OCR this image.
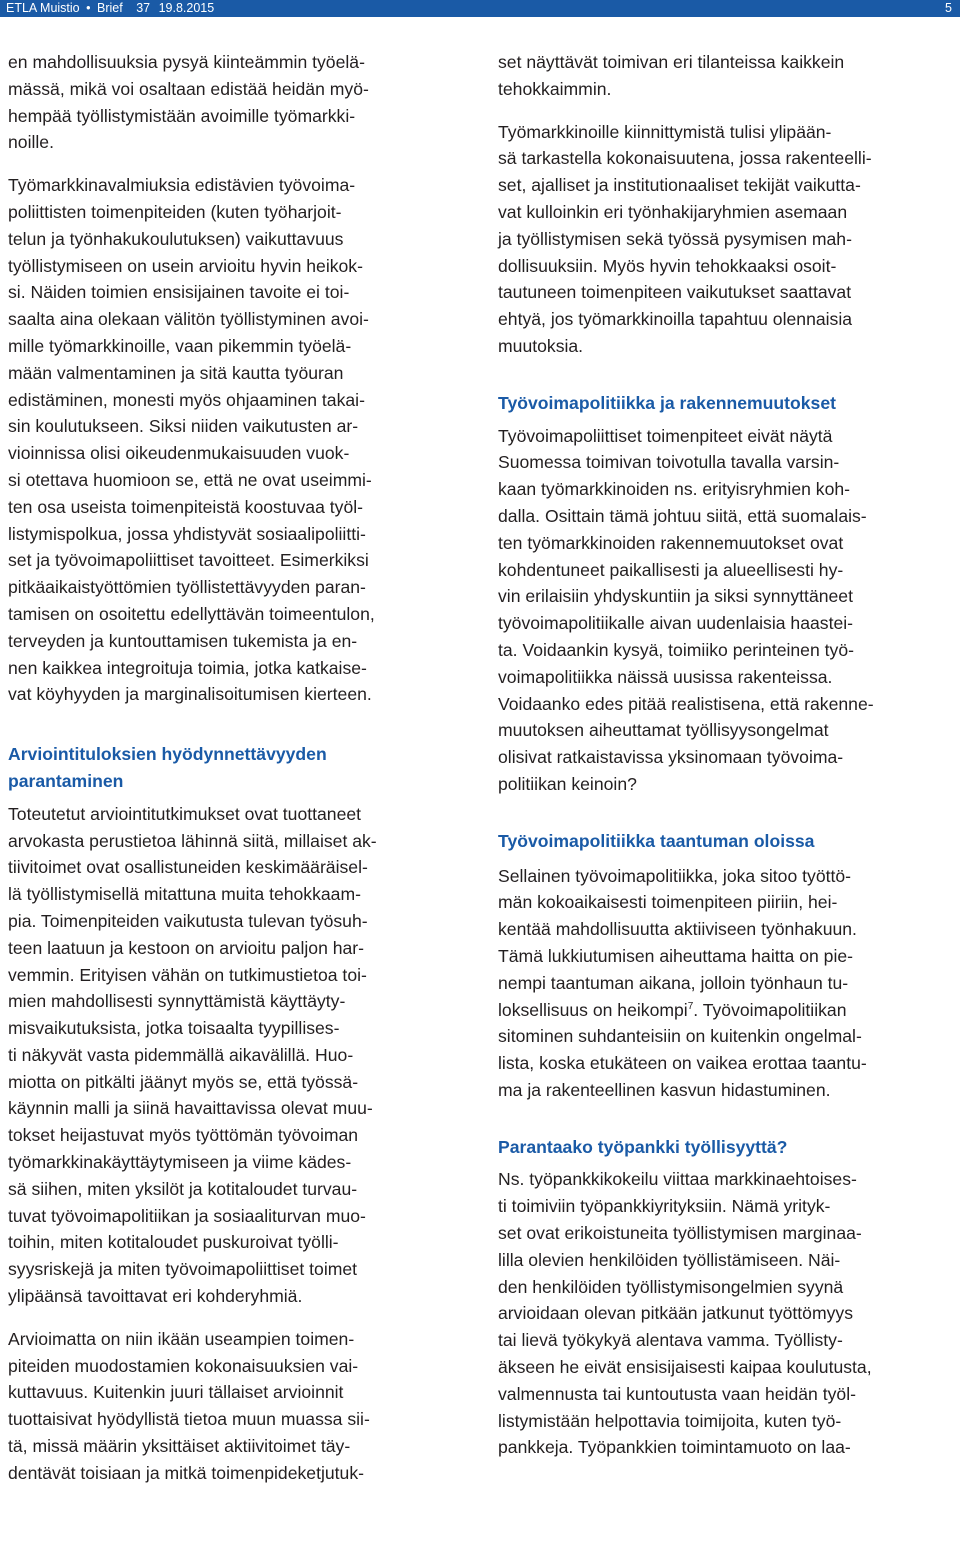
ETLA Muistio • Brief 37 19.8.2015	5
en mahdollisuuksia pysyä kiinteämmin työelä-
mässä, mikä voi osaltaan edistää heidän myö-
hempää työllistymistään avoimille työmarkki-
noille.
Työmarkkinavalmiuksia edistävien työvoima-
poliittisten toimenpiteiden (kuten työharjoit-
telun ja työnhakukoulutuksen) vaikuttavuus
työllistymiseen on usein arvioitu hyvin heikok-
si. Näiden toimien ensisijainen tavoite ei toi-
saalta aina olekaan välitön työllistyminen avoi-
mille työmarkkinoille, vaan pikemmin työelä-
mään valmentaminen ja sitä kautta työuran
edistäminen, monesti myös ohjaaminen takai-
sin koulutukseen. Siksi niiden vaikutusten ar-
vioinnissa olisi oikeudenmukaisuuden vuok-
si otettava huomioon se, että ne ovat useimmi-
ten osa useista toimenpiteistä koostuvaa työl-
listymispolkua, jossa yhdistyvät sosiaalipoliitti-
set ja työvoimapoliittiset tavoitteet. Esimerkiksi
pitkäaikaistyöttömien työllistettävyyden paran-
tamisen on osoitettu edellyttävän toimeentulon,
terveyden ja kuntouttamisen tukemista ja en-
nen kaikkea integroituja toimia, jotka katkaise-
vat köyhyyden ja marginalisoitumisen kierteen.
Arviointituloksien hyödynnettävyyden
parantaminen
Toteutetut arviointitutkimukset ovat tuottaneet
arvokasta perustietoa lähinnä siitä, millaiset ak-
tiivitoimet ovat osallistuneiden keskimääräisel-
lä työllistymisellä mitattuna muita tehokkaam-
pia. Toimenpiteiden vaikutusta tulevan työsuh-
teen laatuun ja kestoon on arvioitu paljon har-
vemmin. Erityisen vähän on tutkimustietoa toi-
mien mahdollisesti synnyttämistä käyttäyty-
misvaikutuksista, jotka toisaalta tyypillises-
ti näkyvät vasta pidemmällä aikavälillä. Huo-
miotta on pitkälti jäänyt myös se, että työssä-
käynnin malli ja siinä havaittavissa olevat muu-
tokset heijastuvat myös työttömän työvoiman
työmarkkinakäyttäytymiseen ja viime kädes-
sä siihen, miten yksilöt ja kotitaloudet turvau-
tuvat työvoimapolitiikan ja sosiaaliturvan muo-
toihin, miten kotitaloudet puskuroivat työlli-
syysriskejä ja miten työvoimapoliittiset toimet
ylipäänsä tavoittavat eri kohderyhmiä.
Arvioimatta on niin ikään useampien toimen-
piteiden muodostamien kokonaisuuksien vai-
kuttavuus. Kuitenkin juuri tällaiset arvioinnit
tuottaisivat hyödyllistä tietoa muun muassa sii-
tä, missä määrin yksittäiset aktiivitoimet täy-
dentävät toisiaan ja mitkä toimenpideketjutuk-
set näyttävät toimivan eri tilanteissa kaikkein
tehokkaimmin.
Työmarkkinoille kiinnittymistä tulisi ylipään-
sä tarkastella kokonaisuutena, jossa rakenteelli-
set, ajalliset ja institutionaaliset tekijät vaikutta-
vat kulloinkin eri työnhakijaryhmien asemaan
ja työllistymisen sekä työssä pysymisen mah-
dollisuuksiin. Myös hyvin tehokkaaksi osoit-
tautuneen toimenpiteen vaikutukset saattavat
ehtyä, jos työmarkkinoilla tapahtuu olennaisia
muutoksia.
Työvoimapolitiikka ja rakennemuutokset
Työvoimapoliittiset toimenpiteet eivät näytä
Suomessa toimivan toivotulla tavalla varsin-
kaan työmarkkinoiden ns. erityisryhmien koh-
dalla. Osittain tämä johtuu siitä, että suomalais-
ten työmarkkinoiden rakennemuutokset ovat
kohdentuneet paikallisesti ja alueellisesti hy-
vin erilaisiin yhdyskuntiin ja siksi synnyttäneet
työvoimapolitiikalle aivan uudenlaisia haastei-
ta. Voidaankin kysyä, toimiiko perinteinen työ-
voimapolitiikka näissä uusissa rakenteissa.
Voidaanko edes pitää realistisena, että rakenne-
muutoksen aiheuttamat työllisyysongelmat
olisivat ratkaistavissa yksinomaan työvoima-
politiikan keinoin?
Työvoimapolitiikka taantuman oloissa
Sellainen työvoimapolitiikka, joka sitoo työttö-
män kokoaikaisesti toimenpiteen piiriin, hei-
kentää mahdollisuutta aktiiviseen työnhakuun.
Tämä lukkiutumisen aiheuttama haitta on pie-
nempi taantuman aikana, jolloin työnhaun tu-
loksellisuus on heikompi$^7$. Työvoimapolitiikan
sitominen suhdanteisiin on kuitenkin ongelmal-
lista, koska etukäteen on vaikea erottaa taantu-
ma ja rakenteellinen kasvun hidastuminen.
Parantaako työpankki työllisyyttä?
Ns. työpankkikokeilu viittaa markkinaehtoises-
ti toimiviin työpankkiyrityksiin. Nämä yrityk-
set ovat erikoistuneita työllistymisen marginaa-
lilla olevien henkilöiden työllistämiseen. Näi-
den henkilöiden työllistymisongelmien syynä
arvioidaan olevan pitkään jatkunut työttömyys
tai lievä työkykyä alentava vamma. Työllisty-
äkseen he eivät ensisijaisesti kaipaa koulutusta,
valmennusta tai kuntoutusta vaan heidän työl-
listymistään helpottavia toimijoita, kuten työ-
pankkeja. Työpankkien toimintamuoto on laa-
